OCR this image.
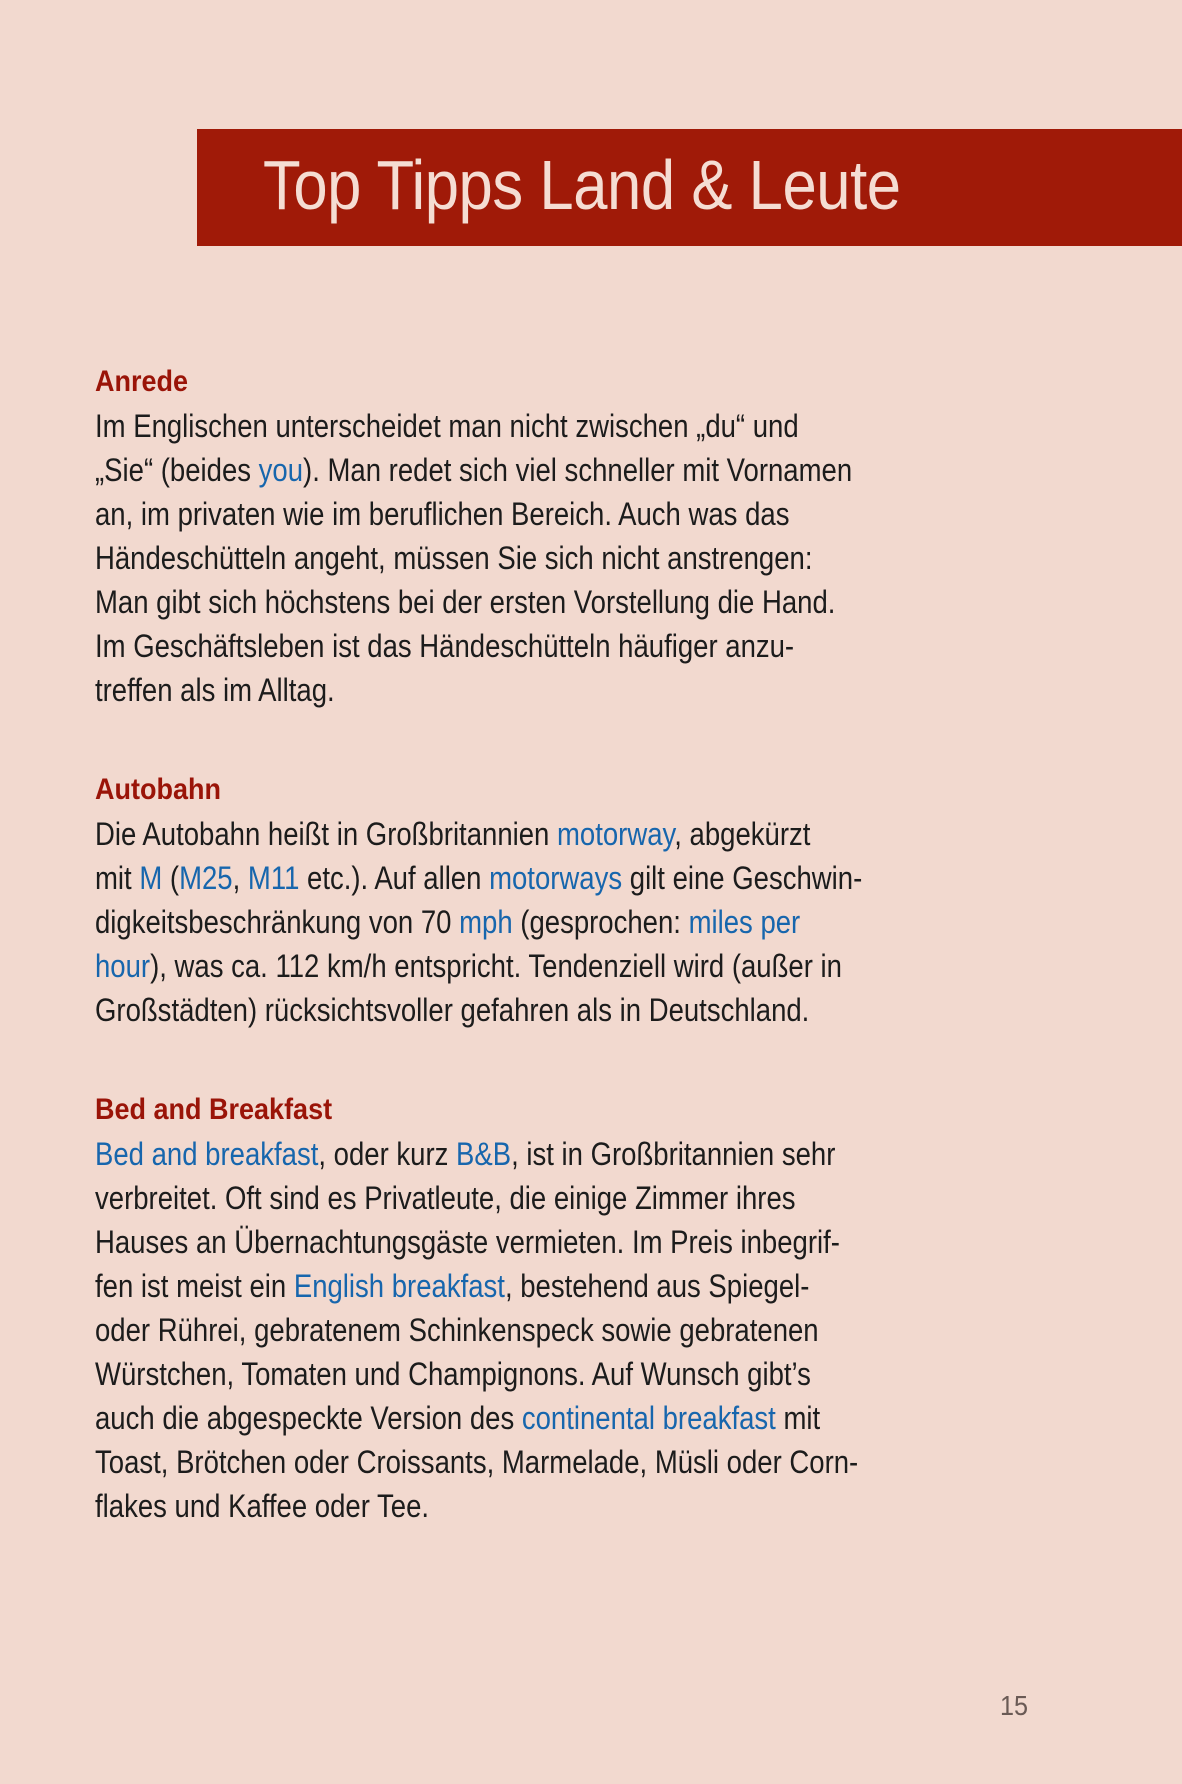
Top Tipps Land & Leute
Anrede
Im Englischen unterscheidet man nicht zwischen „du“ und
„Sie“ (beides you). Man redet sich viel schneller mit Vornamen
an, im privaten wie im beruflichen Bereich. Auch was das
Händeschütteln angeht, müssen Sie sich nicht anstrengen:
Man gibt sich höchstens bei der ersten Vorstellung die Hand.
Im Geschäftsleben ist das Händeschütteln häufiger anzu-
treffen als im Alltag.
Autobahn
Die Autobahn heißt in Großbritannien motorway, abgekürzt
mit M (M25, M11 etc.). Auf allen motorways gilt eine Geschwin-
digkeitsbeschränkung von 70 mph (gesprochen: miles per
hour), was ca. 112 km/h entspricht. Tendenziell wird (außer in
Großstädten) rücksichtsvoller gefahren als in Deutschland.
Bed and Breakfast
Bed and breakfast, oder kurz B&B, ist in Großbritannien sehr
verbreitet. Oft sind es Privatleute, die einige Zimmer ihres
Hauses an Übernachtungsgäste vermieten. Im Preis inbegrif-
fen ist meist ein English breakfast, bestehend aus Spiegel-
oder Rührei, gebratenem Schinkenspeck sowie gebratenen
Würstchen, Tomaten und Champignons. Auf Wunsch gibt’s
auch die abgespeckte Version des continental breakfast mit
Toast, Brötchen oder Croissants, Marmelade, Müsli oder Corn-
flakes und Kaffee oder Tee.
15
